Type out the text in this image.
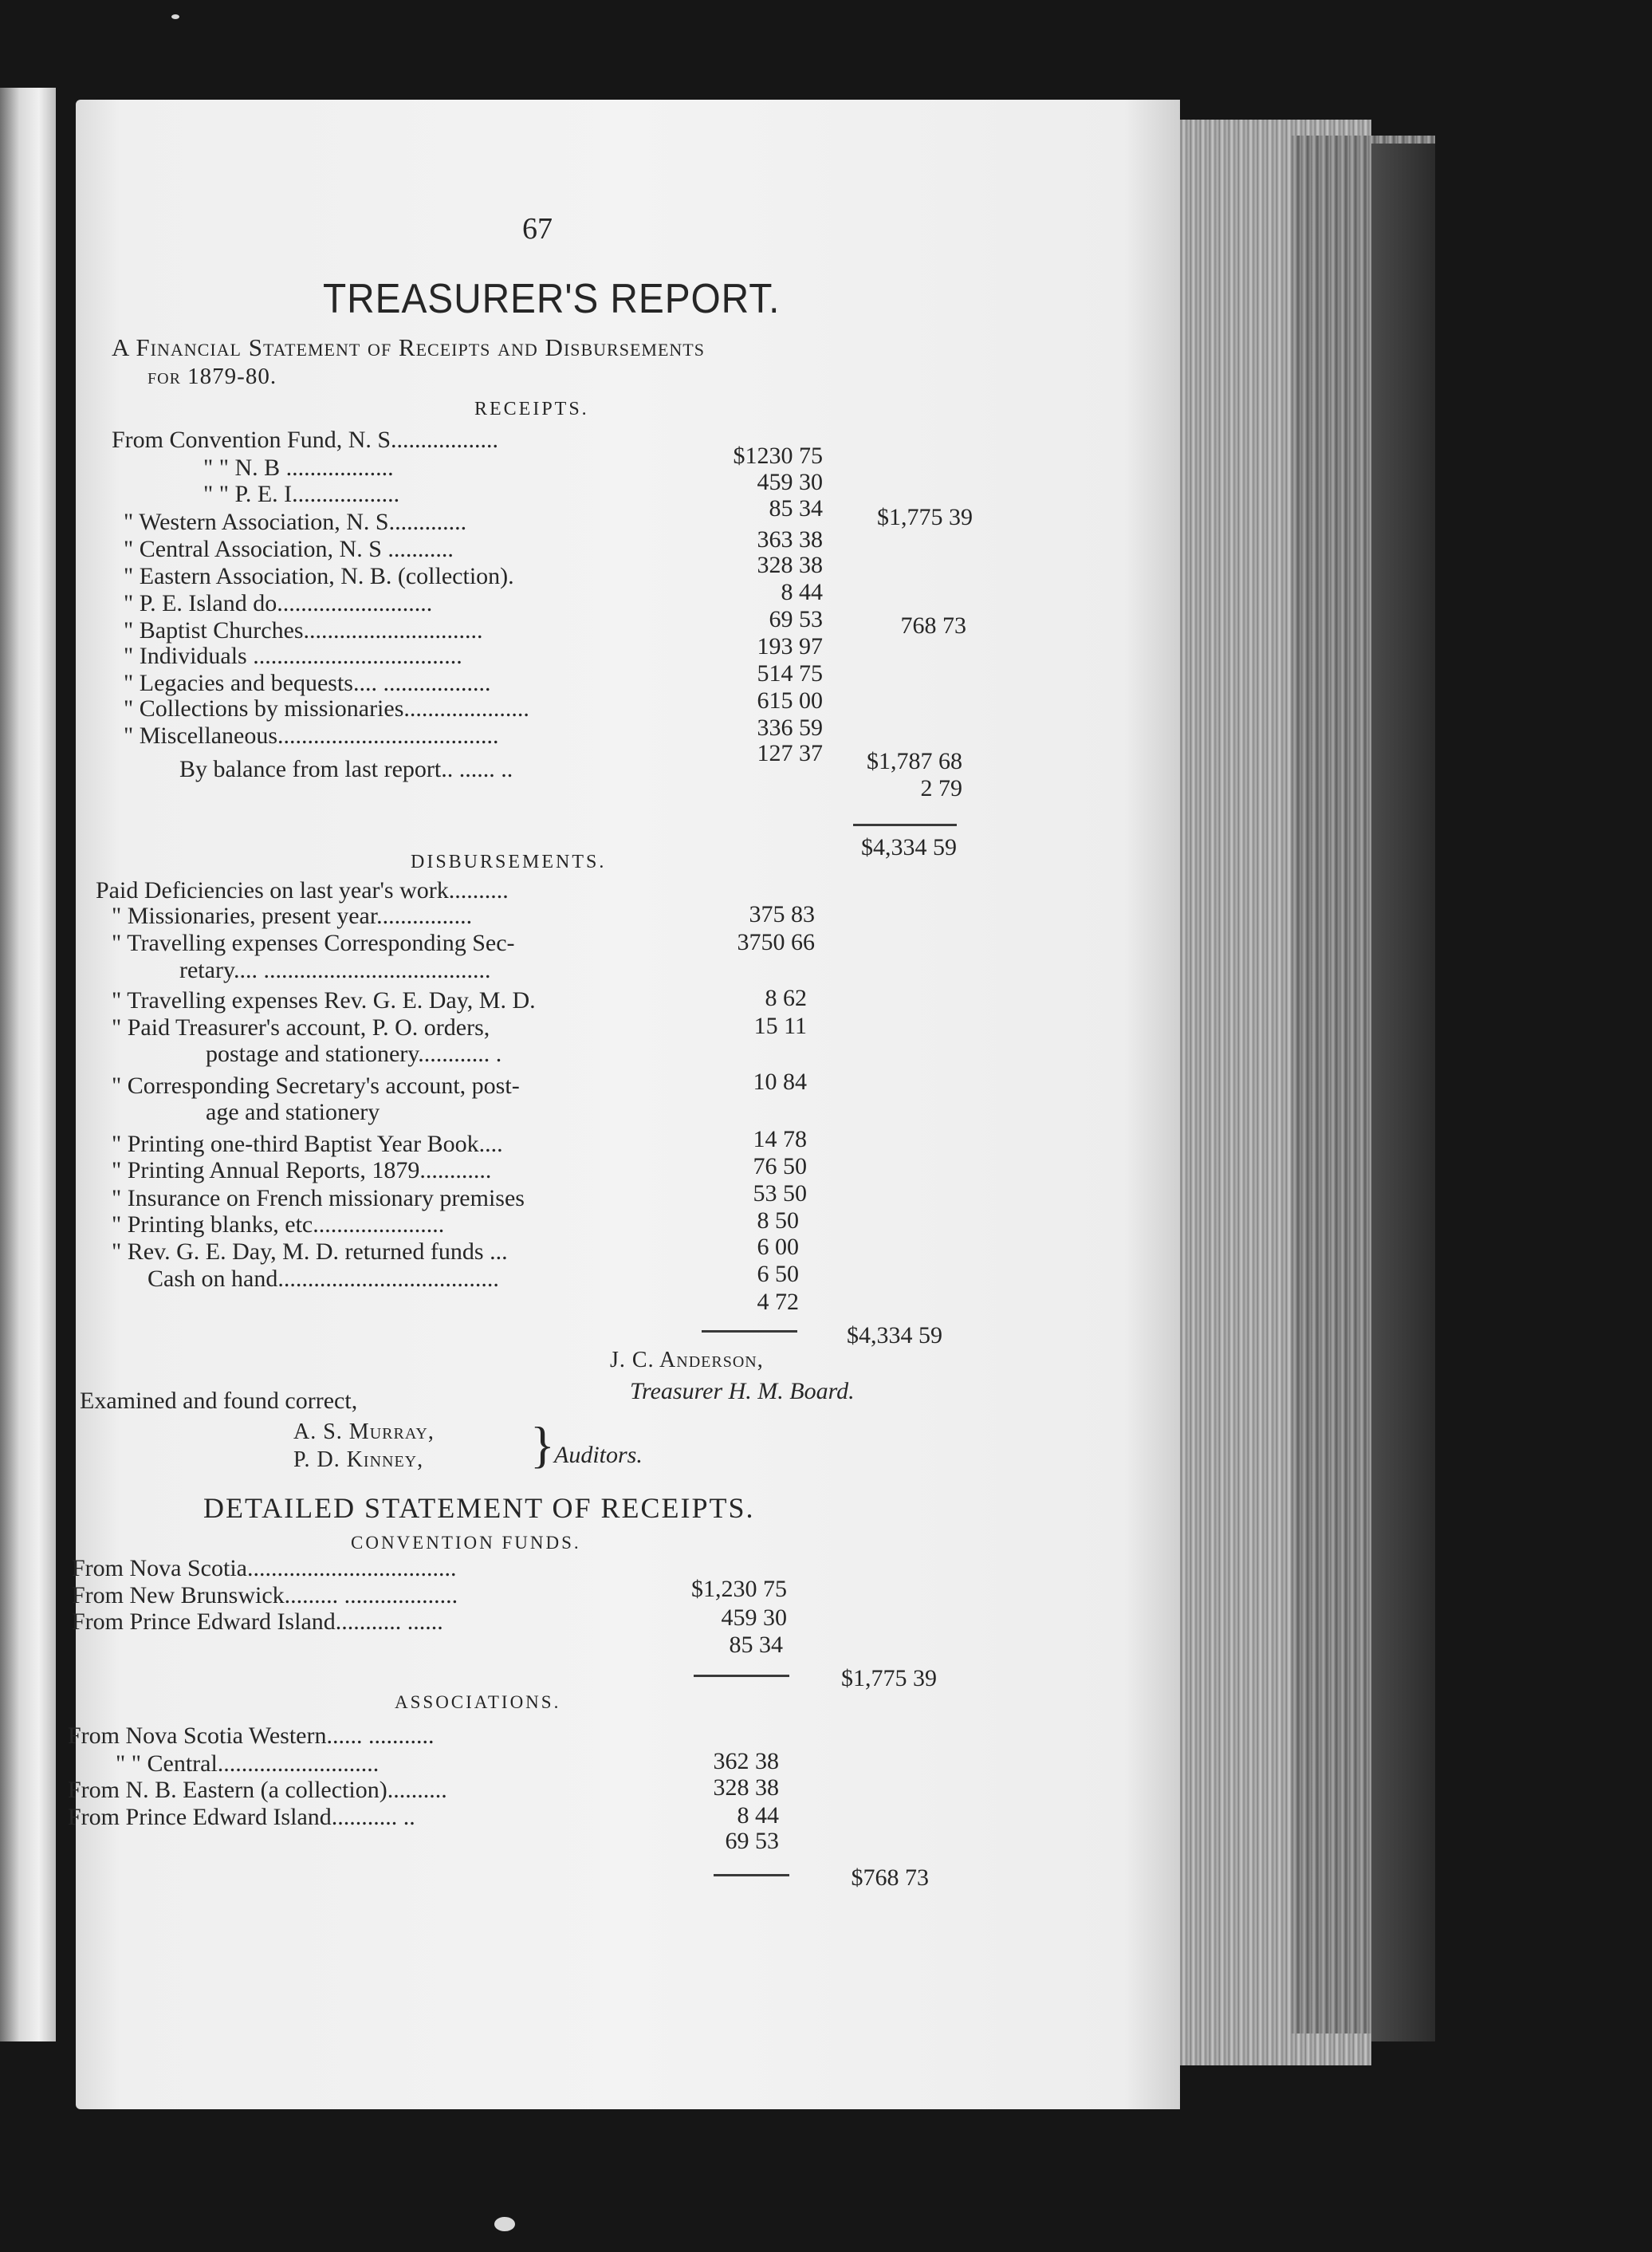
67
TREASURER'S REPORT.
A Financial Statement of Receipts and Disbursements
for 1879-80.
RECEIPTS.
From Convention Fund, N. S..................
$1230 75
" " N. B ..................
459 30
" " P. E. I..................
85 34 $1,775 39
" Western Association, N. S.............
363 38
" Central Association, N. S ...........
328 38
" Eastern Association, N. B. (collection).
8 44
" P. E. Island do..........................
69 53	768 73
" Baptist Churches..............................
193 97
" Individuals ...................................
514 75
" Legacies and bequests.... ..................
615 00
" Collections by missionaries.....................
336 59
" Miscellaneous.....................................
127 37 $1,787 68
By balance from last report.. ...... ..
2 79
$4,334 59
DISBURSEMENTS.
Paid Deficiencies on last year's work..........
375 83
" Missionaries, present year................
3750 66
" Travelling expenses Corresponding Sec-
retary.... ......................................
8 62
" Travelling expenses Rev. G. E. Day, M. D.
15 11
" Paid Treasurer's account, P. O. orders,
postage and stationery............ .
10 84
" Corresponding Secretary's account, post-
age and stationery
14 78
" Printing one-third Baptist Year Book....
76 50
" Printing Annual Reports, 1879............
53 50
" Insurance on French missionary premises
8 50
" Printing blanks, etc......................
6 00
" Rev. G. E. Day, M. D. returned funds ...
6 50
Cash on hand.....................................
4 72
$4,334 59
J. C. Anderson,
Treasurer H. M. Board.
Examined and found correct,
A. S. Murray,
P. D. Kinney, } Auditors.
DETAILED STATEMENT OF RECEIPTS.
CONVENTION FUNDS.
From Nova Scotia...................................
$1,230 75
From New Brunswick......... ...................
459 30
From Prince Edward Island........... ......
85 34
$1,775 39
ASSOCIATIONS.
From Nova Scotia Western...... ...........
362 38
" " Central...........................
328 38
From N. B. Eastern (a collection)..........
8 44
From Prince Edward Island........... ..
69 53
$768 73
